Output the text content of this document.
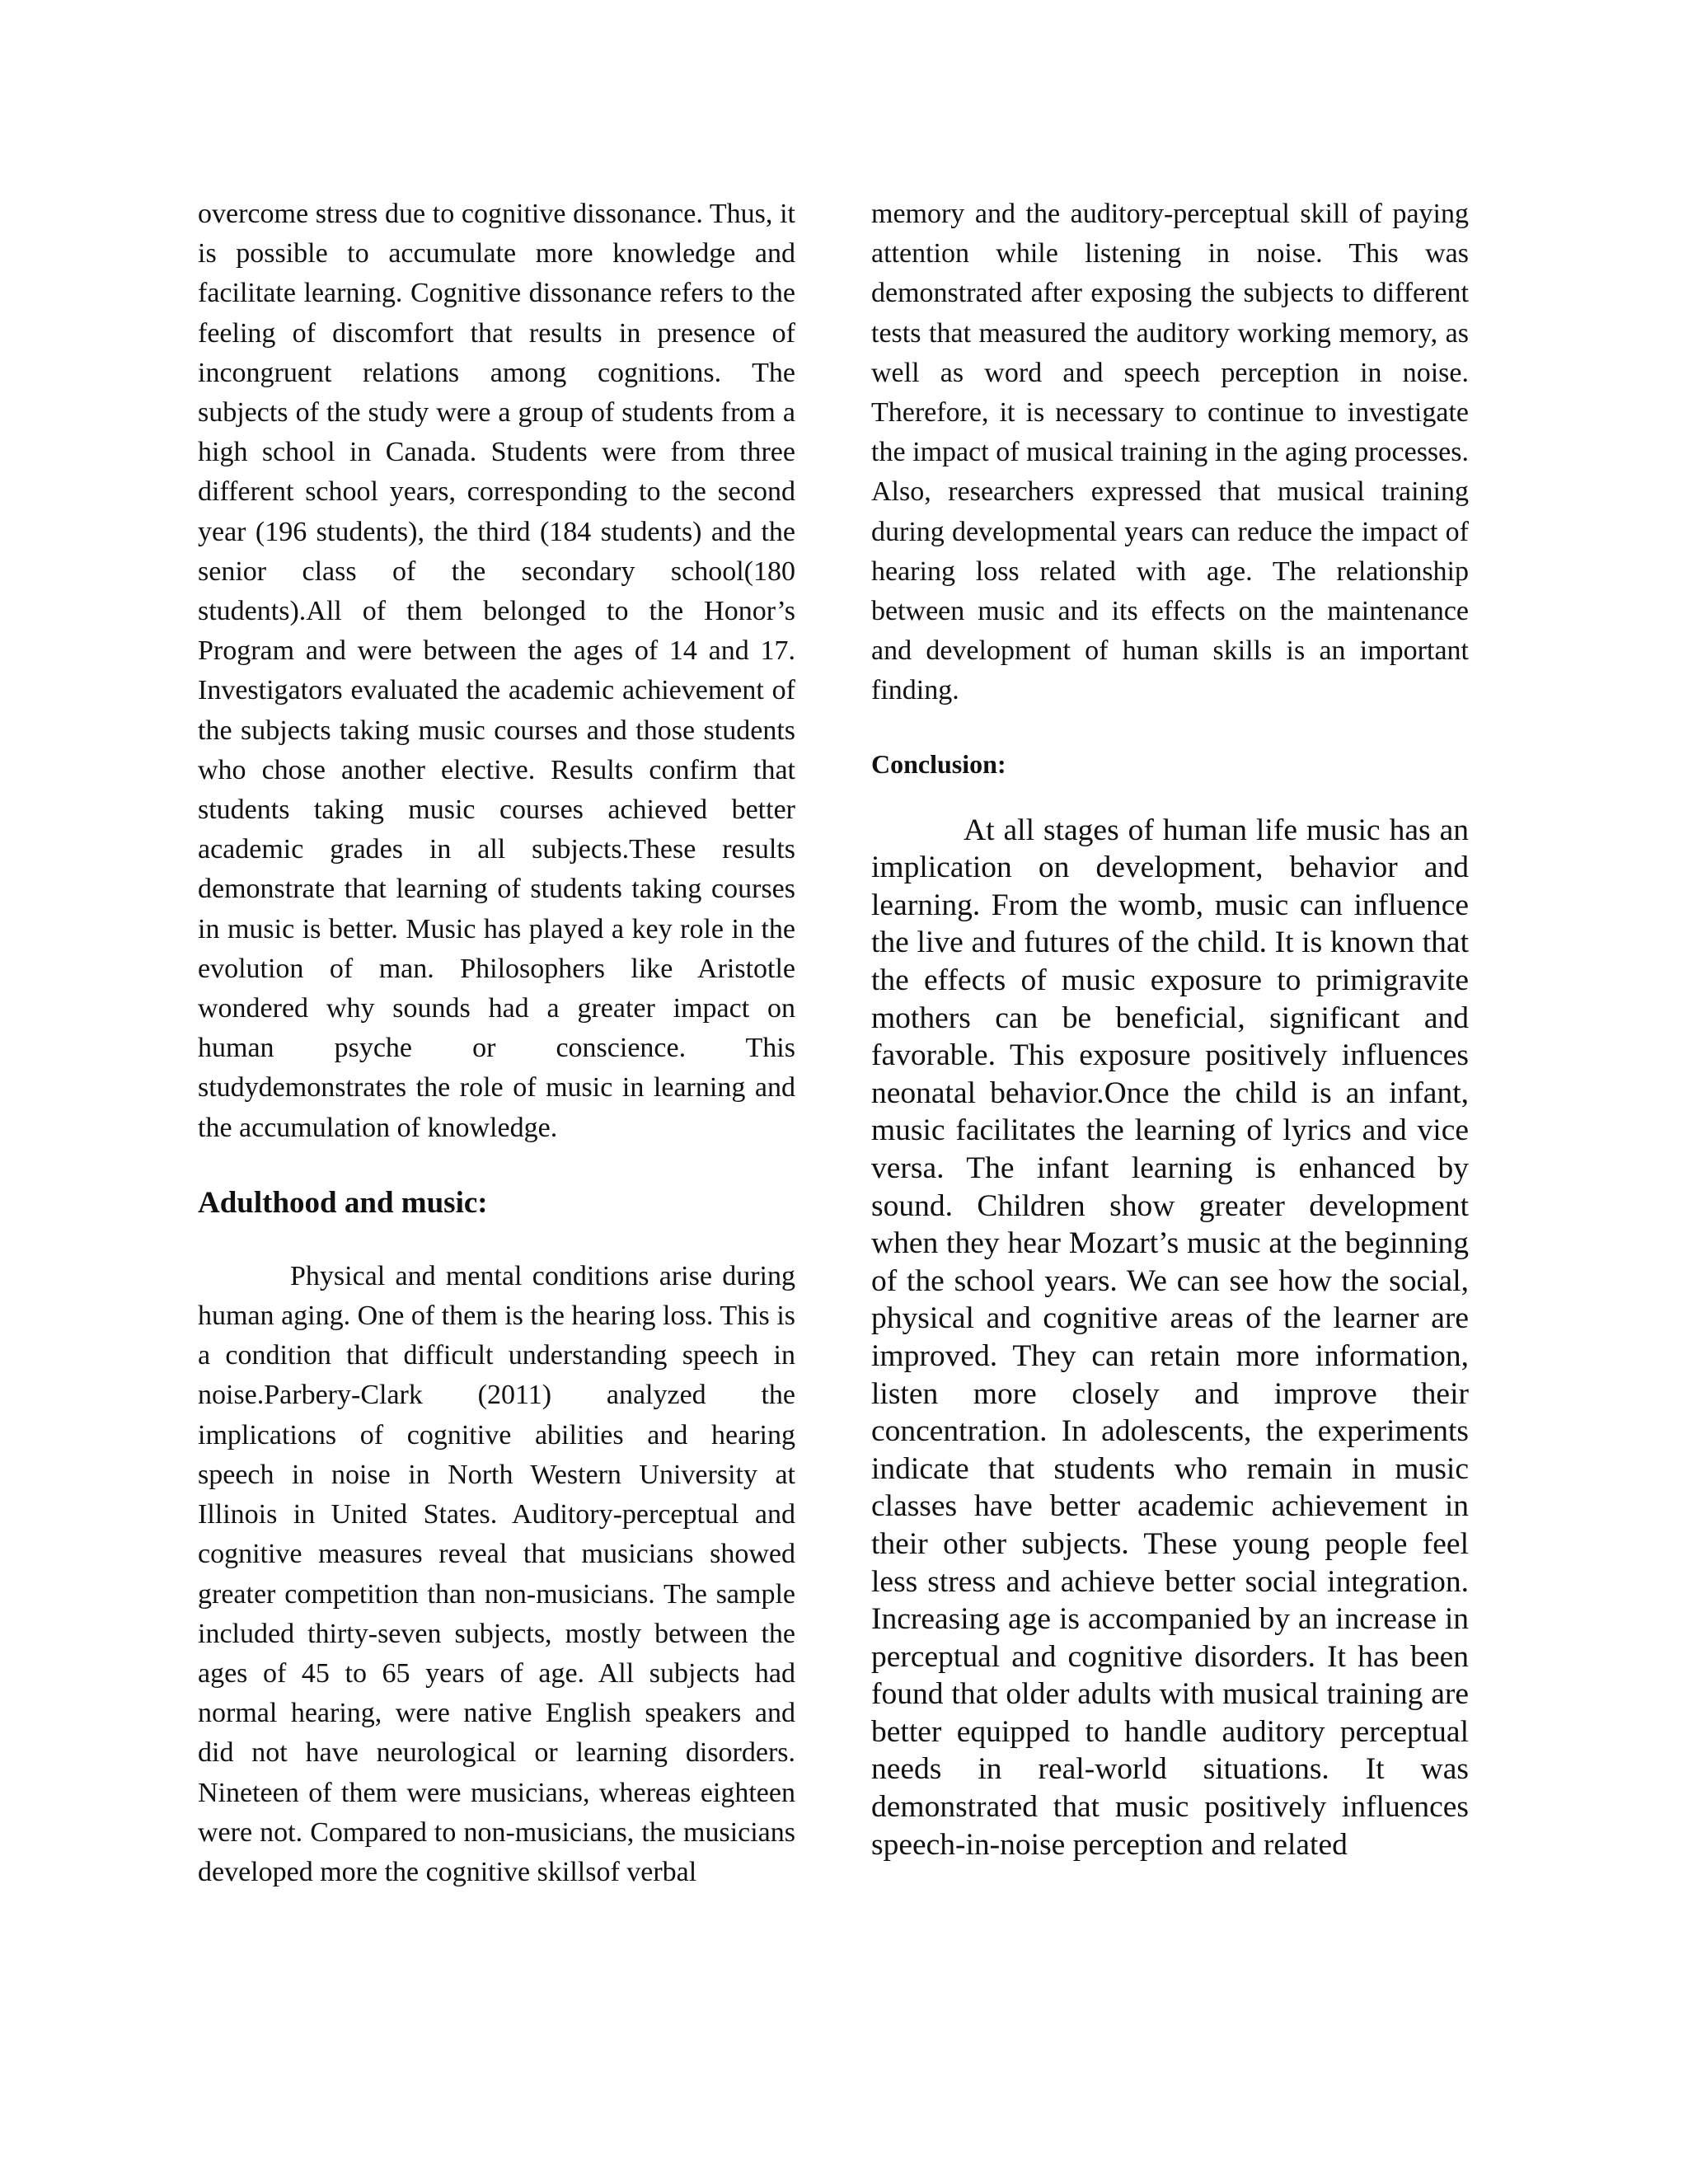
overcome stress due to cognitive dissonance. Thus, it is possible to accumulate more knowledge and facilitate learning. Cognitive dissonance refers to the feeling of discomfort that results in presence of incongruent relations among cognitions. The subjects of the study were a group of students from a high school in Canada. Students were from three different school years, corresponding to the second year (196 students), the third (184 students) and the senior class of the secondary school(180 students).All of them belonged to the Honor’s Program and were between the ages of 14 and 17. Investigators evaluated the academic achievement of the subjects taking music courses and those students who chose another elective. Results confirm that students taking music courses achieved better academic grades in all subjects.These results demonstrate that learning of students taking courses in music is better. Music has played a key role in the evolution of man. Philosophers like Aristotle wondered why sounds had a greater impact on human psyche or conscience. This studydemonstrates the role of music in learning and the accumulation of knowledge.

Adulthood and music:

Physical and mental conditions arise during human aging. One of them is the hearing loss. This is a condition that difficult understanding speech in noise.Parbery-Clark (2011) analyzed the implications of cognitive abilities and hearing speech in noise in North Western University at Illinois in United States. Auditory-perceptual and cognitive measures reveal that musicians showed greater competition than non-musicians. The sample included thirty-seven subjects, mostly between the ages of 45 to 65 years of age. All subjects had normal hearing, were native English speakers and did not have neurological or learning disorders. Nineteen of them were musicians, whereas eighteen were not. Compared to non-musicians, the musicians developed more the cognitive skillsof verbal

memory and the auditory-perceptual skill of paying attention while listening in noise. This was demonstrated after exposing the subjects to different tests that measured the auditory working memory, as well as word and speech perception in noise. Therefore, it is necessary to continue to investigate the impact of musical training in the aging processes. Also, researchers expressed that musical training during developmental years can reduce the impact of hearing loss related with age. The relationship between music and its effects on the maintenance and development of human skills is an important finding.

Conclusion:

At all stages of human life music has an implication on development, behavior and learning. From the womb, music can influence the live and futures of the child. It is known that the effects of music exposure to primigravite mothers can be beneficial, significant and favorable. This exposure positively influences neonatal behavior.Once the child is an infant, music facilitates the learning of lyrics and vice versa. The infant learning is enhanced by sound. Children show greater development when they hear Mozart’s music at the beginning of the school years. We can see how the social, physical and cognitive areas of the learner are improved. They can retain more information, listen more closely and improve their concentration. In adolescents, the experiments indicate that students who remain in music classes have better academic achievement in their other subjects. These young people feel less stress and achieve better social integration. Increasing age is accompanied by an increase in perceptual and cognitive disorders. It has been found that older adults with musical training are better equipped to handle auditory perceptual needs in real-world situations. It was demonstrated that music positively influences speech-in-noise perception and related
